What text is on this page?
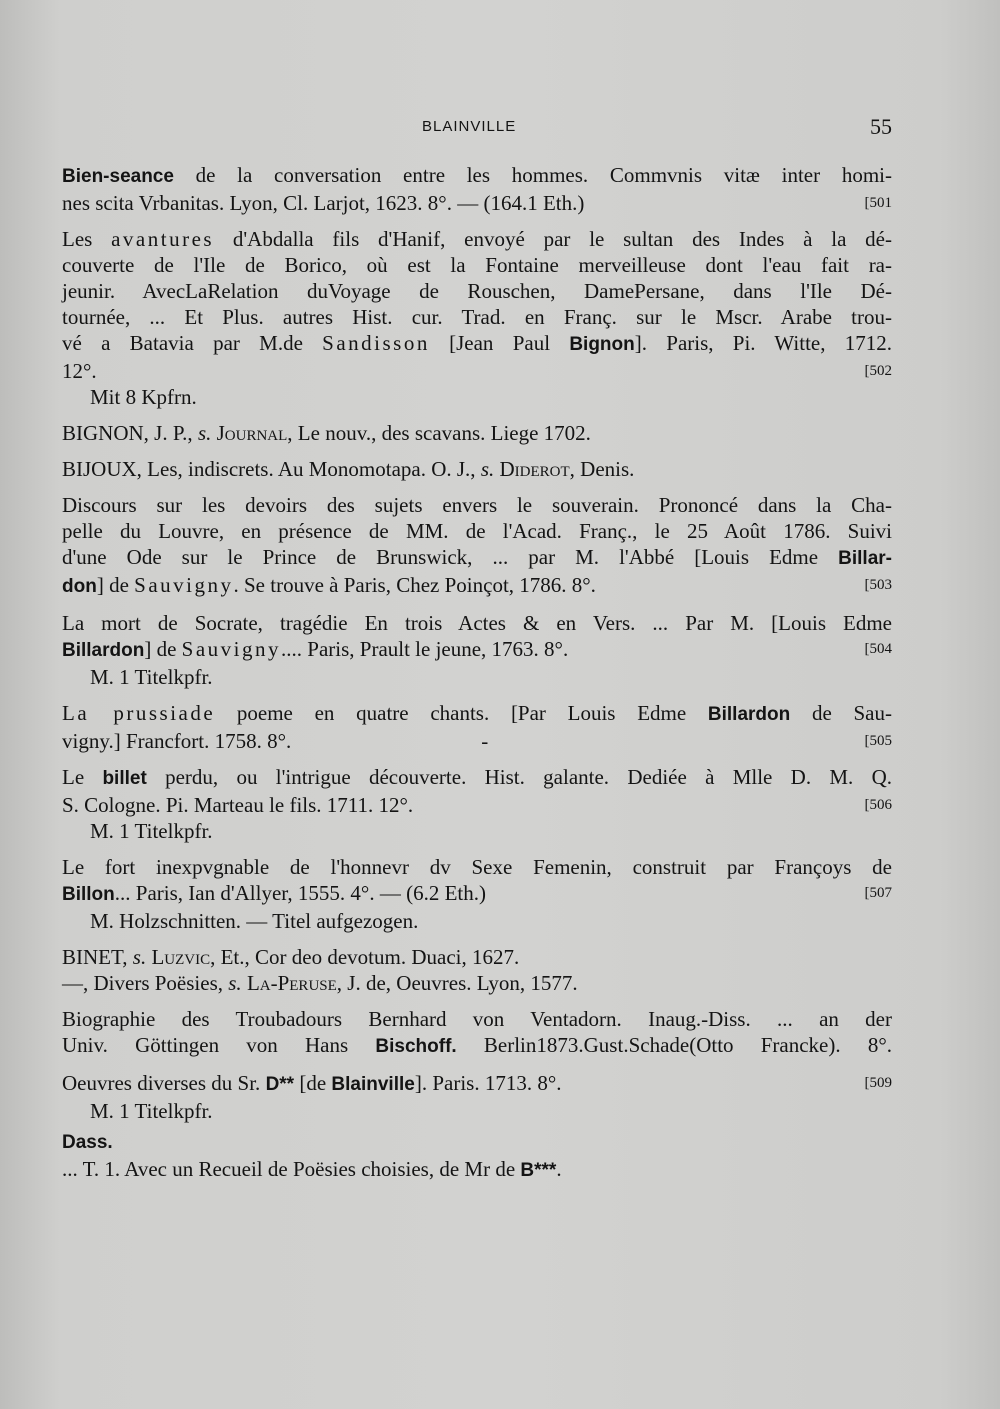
BLAINVILLE	55
Bien-seance de la conversation entre les hommes. Commvnis vitæ inter homi-
nes scita Vrbanitas. Lyon, Cl. Larjot, 1623. 8°. — (164.1 Eth.)	[501
Les avantures d'Abdalla fils d'Hanif, envoyé par le sultan des Indes à la dé-
couverte de l'Ile de Borico, où est la Fontaine merveilleuse dont l'eau fait ra-
jeunir. AvecLaRelation duVoyage de Rouschen, DamePersane, dans l'Ile Dé-
tournée, ... Et Plus. autres Hist. cur. Trad. en Franç. sur le Mscr. Arabe trou-
vé a Batavia par M.de Sandisson [Jean Paul Bignon]. Paris, Pi. Witte, 1712.
12°.	[502
Mit 8 Kpfrn.
BIGNON, J. P., s. Journal, Le nouv., des scavans. Liege 1702.
BIJOUX, Les, indiscrets. Au Monomotapa. O. J., s. Diderot, Denis.
Discours sur les devoirs des sujets envers le souverain. Prononcé dans la Cha-
pelle du Louvre, en présence de MM. de l'Acad. Franç., le 25 Août 1786. Suivi
d'une Ode sur le Prince de Brunswick, ... par M. l'Abbé [Louis Edme Billar-
don] de Sauvigny. Se trouve à Paris, Chez Poinçot, 1786. 8°.	[503
La mort de Socrate, tragédie En trois Actes & en Vers. ... Par M. [Louis Edme
Billardon] de Sauvigny.... Paris, Prault le jeune, 1763. 8°.	[504
M. 1 Titelkpfr.
La prussiade poeme en quatre chants. [Par Louis Edme Billardon de Sau-
vigny.] Francfort. 1758. 8°.	-	[505
Le billet perdu, ou l'intrigue découverte. Hist. galante. Dediée à Mlle D. M. Q.
S. Cologne. Pi. Marteau le fils. 1711. 12°.	[506
M. 1 Titelkpfr.
Le fort inexpvgnable de l'honnevr dv Sexe Femenin, construit par Françoys de
Billon... Paris, Ian d'Allyer, 1555. 4°. — (6.2 Eth.)	[507
M. Holzschnitten. — Titel aufgezogen.
BINET, s. Luzvic, Et., Cor deo devotum. Duaci, 1627.
—, Divers Poësies, s. La-Peruse, J. de, Oeuvres. Lyon, 1577.
Biographie des Troubadours Bernhard von Ventadorn. Inaug.-Diss. ... an der
Univ. Göttingen von Hans Bischoff. Berlin1873.Gust.Schade(Otto Francke). 8°.
Oeuvres diverses du Sr. D** [de Blainville]. Paris. 1713. 8°.	[509
M. 1 Titelkpfr.
Dass.
... T. 1. Avec un Recueil de Poësies choisies, de Mr de B***.
